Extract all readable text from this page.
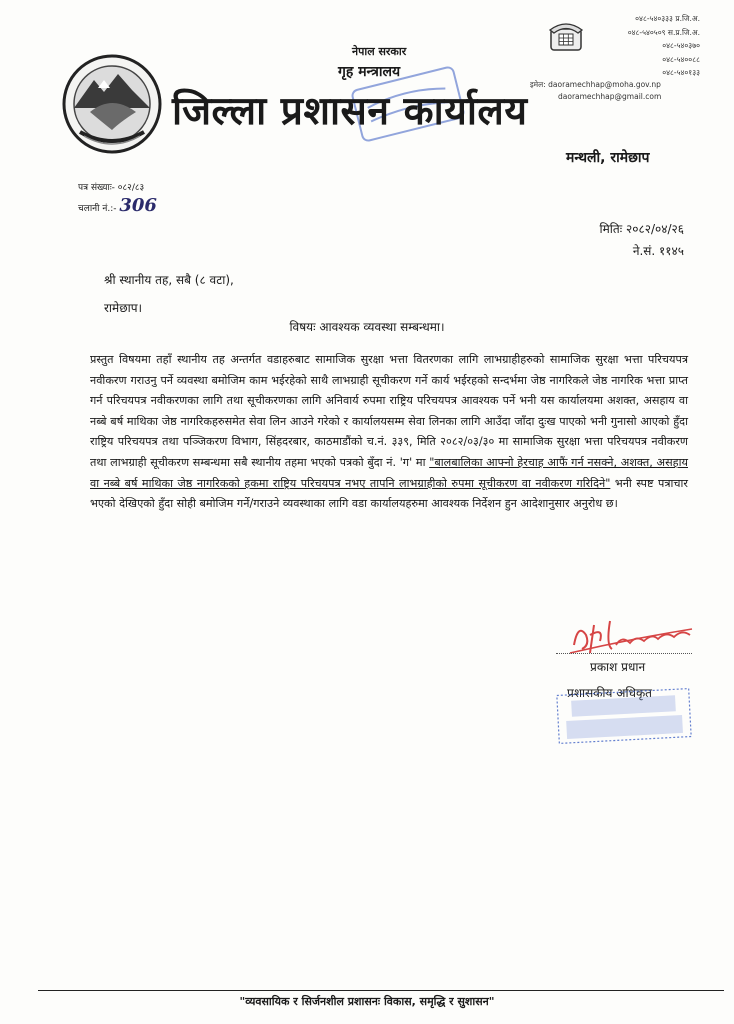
नेपाल सरकार
गृह मन्त्रालय
जिल्ला प्रशासन कार्यालय
मन्थली, रामेछाप
०४८-५४०३३३ प्र.जि.अ.
०४८-५४०५०९ स.प्र.जि.अ.
०४८-५४०३७०
०४८-५४००८८
०४८-५४०१३३
इमेल: daoramechhap@moha.gov.np
daoramechhap@gmail.com
पत्र संख्याः- ०८२/८३
चलानी नं.:- 306
मितिः २०८२/०४/२६
ने.सं. ११४५
श्री स्थानीय तह, सबै (८ वटा),
रामेछाप।
विषयः आवश्यक व्यवस्था सम्बन्धमा।
प्रस्तुत विषयमा तहाँ स्थानीय तह अन्तर्गत वडाहरुबाट सामाजिक सुरक्षा भत्ता वितरणका लागि लाभग्राहीहरुको सामाजिक सुरक्षा भत्ता परिचयपत्र नवीकरण गराउनु पर्ने व्यवस्था बमोजिम काम भईरहेको साथै लाभग्राही सूचीकरण गर्ने कार्य भईरहको सन्दर्भमा जेष्ठ नागरिकले जेष्ठ नागरिक भत्ता प्राप्त गर्न परिचयपत्र नवीकरणका लागि तथा सूचीकरणका लागि अनिवार्य रुपमा राष्ट्रिय परिचयपत्र आवश्यक पर्ने भनी यस कार्यालयमा अशक्त, असहाय वा नब्बे बर्ष माथिका जेष्ठ नागरिकहरुसमेत सेवा लिन आउने गरेको र कार्यालयसम्म सेवा लिनका लागि आउँदा जाँदा दुःख पाएको भनी गुनासो आएको हुँदा राष्ट्रिय परिचयपत्र तथा पञ्जिकरण विभाग, सिंहदरबार, काठमाडौंको च.नं. ३३९, मिति २०८२/०३/३० मा सामाजिक सुरक्षा भत्ता परिचयपत्र नवीकरण तथा लाभग्राही सूचीकरण सम्बन्धमा सबै स्थानीय तहमा भएको पत्रको बुँदा नं. 'ग' मा "बालबालिका आफ्नो हेरचाह आफैं गर्न नसक्ने, अशक्त, असहाय वा नब्बे बर्ष माथिका जेष्ठ नागरिकको हकमा राष्ट्रिय परिचयपत्र नभए तापनि लाभग्राहीको रुपमा सूचीकरण वा नवीकरण गरिदिने" भनी स्पष्ट पत्राचार भएको देखिएको हुँदा सोही बमोजिम गर्ने/गराउने व्यवस्थाका लागि वडा कार्यालयहरुमा आवश्यक निर्देशन हुन आदेशानुसार अनुरोध छ।
प्रकाश प्रधान
प्रशासकीय अधिकृत
"व्यवसायिक र सिर्जनशील प्रशासनः विकास, समृद्धि र सुशासन"
